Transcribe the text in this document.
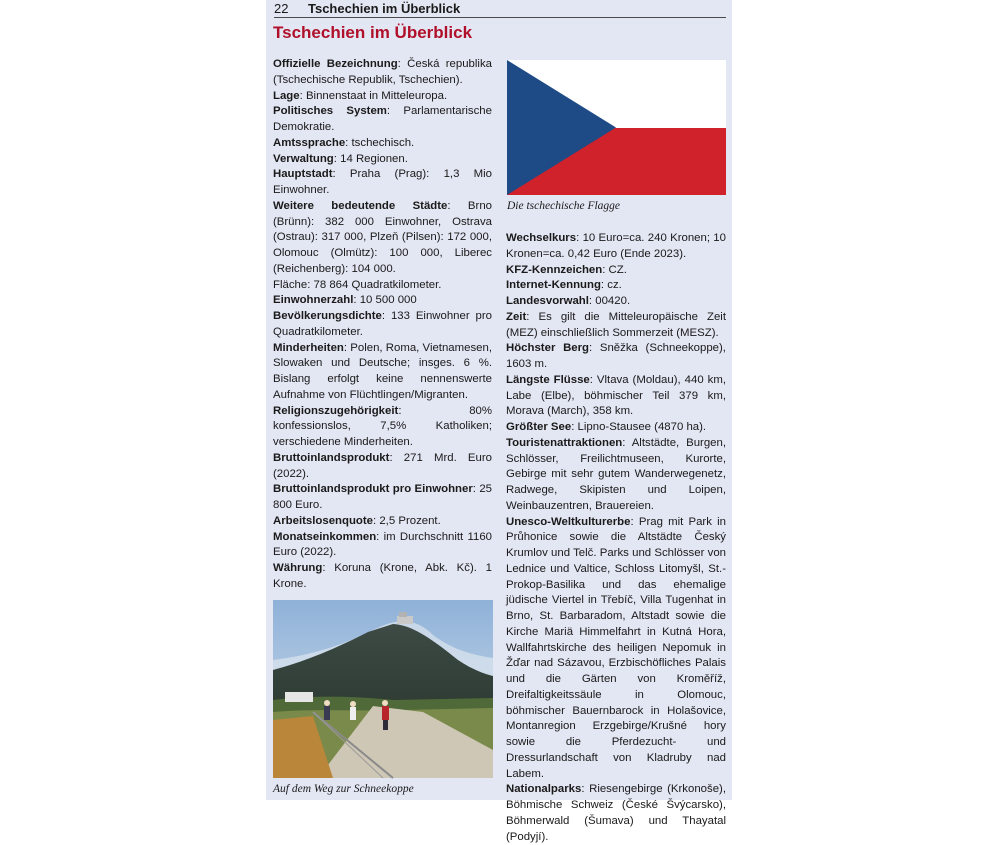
22 Tschechien im Überblick
Tschechien im Überblick

Offizielle Bezeichnung: Česká republika (Tschechische Republik, Tschechien).

Lage: Binnenstaat in Mitteleuropa.

Politisches System: Parlamentarische Demokratie.

Amtssprache: tschechisch.

Verwaltung: 14 Regionen.

Hauptstadt: Praha (Prag): 1,3 Mio Einwohner.

Weitere bedeutende Städte: Brno (Brünn): 382 000 Einwohner, Ostrava (Ostrau): 317 000, Plzeň (Pilsen): 172 000, Olomouc (Olmütz): 100 000, Liberec (Reichenberg): 104 000.

Fläche: 78 864 Quadratkilometer.

Einwohnerzahl: 10 500 000

Bevölkerungsdichte: 133 Einwohner pro Quadratkilometer.

Minderheiten: Polen, Roma, Vietnamesen, Slowaken und Deutsche; insges. 6 %. Bislang erfolgt keine nennenswerte Aufnahme von Flüchtlingen/Migranten.

Religionszugehörigkeit: 80% konfessionslos, 7,5% Katholiken; verschiedene Minderheiten.

Bruttoinlandsprodukt: 271 Mrd. Euro (2022).

Bruttoinlandsprodukt pro Einwohner: 25 800 Euro.

Arbeitslosenquote: 2,5 Prozent.

Monatseinkommen: im Durchschnitt 1160 Euro (2022).

Währung: Koruna (Krone, Abk. Kč). 1 Krone.

Die tschechische Flagge

Wechselkurs: 10 Euro=ca. 240 Kronen; 10 Kronen=ca. 0,42 Euro (Ende 2023).

KFZ-Kennzeichen: CZ.

Internet-Kennung: cz.

Landesvorwahl: 00420.

Zeit: Es gilt die Mitteleuropäische Zeit (MEZ) einschließlich Sommerzeit (MESZ).

Höchster Berg: Sněžka (Schneekoppe), 1603 m.

Längste Flüsse: Vltava (Moldau), 440 km, Labe (Elbe), böhmischer Teil 379 km, Morava (March), 358 km.

Größter See: Lipno-Stausee (4870 ha).

Touristenattraktionen: Altstädte, Burgen, Schlösser, Freilichtmuseen, Kurorte, Gebirge mit sehr gutem Wanderwegenetz, Radwege, Skipisten und Loipen, Weinbauzentren, Brauereien.

Unesco-Weltkulturerbe: Prag mit Park in Průhonice sowie die Altstädte Český Krumlov und Telč. Parks und Schlösser von Lednice und Valtice, Schloss Litomyšl, St.-Prokop-Basilika und das ehemalige jüdische Viertel in Třebíč, Villa Tugenhat in Brno, St. Barbaradom, Altstadt sowie die Kirche Mariä Himmelfahrt in Kutná Hora, Wallfahrtskirche des heiligen Nepomuk in Žďar nad Sázavou, Erzbischöfliches Palais und die Gärten von Kroměříž, Dreifaltigkeitssäule in Olomouc, böhmischer Bauernbarock in Holašovice, Montanregion Erzgebirge/Krušné hory sowie die Pferdezucht- und Dressurlandschaft von Kladruby nad Labem.

Nationalparks: Riesengebirge (Krkonoše), Böhmische Schweiz (České Švýcarsko), Böhmerwald (Šumava) und Thayatal (Podyjí).

Auf dem Weg zur Schneekoppe
